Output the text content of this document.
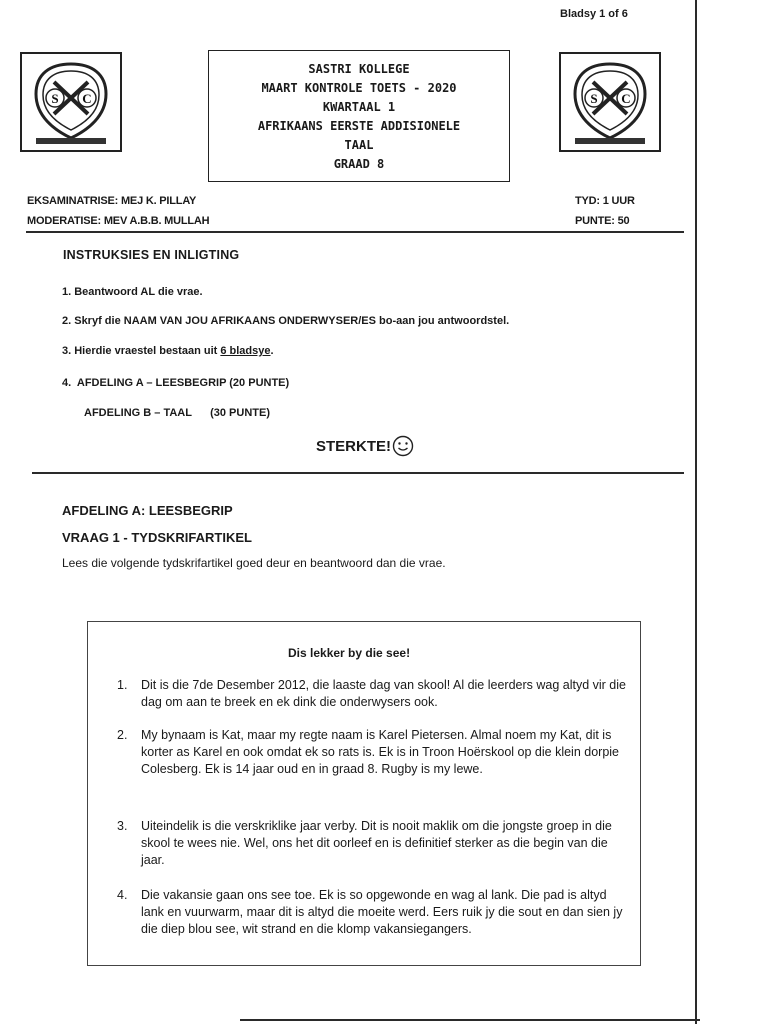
Bladsy 1 of 6
S C
SASTRI KOLLEGE
MAART KONTROLE TOETS - 2020
KWARTAAL 1
AFRIKAANS EERSTE ADDISIONELE
TAAL
GRAAD 8
S C
EKSAMINATRISE: MEJ K. PILLAY
MODERATISE: MEV A.B.B. MULLAH
TYD: 1 UUR
PUNTE: 50
INSTRUKSIES EN INLIGTING
1. Beantwoord AL die vrae.
2. Skryf die NAAM VAN JOU AFRIKAANS ONDERWYSER/ES bo-aan jou antwoordstel.
3. Hierdie vraestel bestaan uit 6 bladsye.
4.  AFDELING A – LEESBEGRIP (20 PUNTE)
AFDELING B – TAAL      (30 PUNTE)
STERKTE!
AFDELING A: LEESBEGRIP
VRAAG 1 - TYDSKRIFARTIKEL
Lees die volgende tydskrifartikel goed deur en beantwoord dan die vrae.
Dis lekker by die see!
1.	Dit is die 7de Desember 2012, die laaste dag van skool! Al die leerders wag altyd vir die dag om aan te breek en ek dink die onderwysers ook.
2.	My bynaam is Kat, maar my regte naam is Karel Pietersen. Almal noem my Kat, dit is korter as Karel en ook omdat ek so rats is. Ek is in Troon Hoërskool op die klein dorpie Colesberg. Ek is 14 jaar oud en in graad 8. Rugby is my lewe.
3.	Uiteindelik is die verskriklike jaar verby. Dit is nooit maklik om die jongste groep in die skool te wees nie. Wel, ons het dit oorleef en is definitief sterker as die begin van die jaar.
4.	Die vakansie gaan ons see toe. Ek is so opgewonde en wag al lank. Die pad is altyd lank en vuurwarm, maar dit is altyd die moeite werd. Eers ruik jy die sout en dan sien jy die diep blou see, wit strand en die klomp vakansiegangers.
